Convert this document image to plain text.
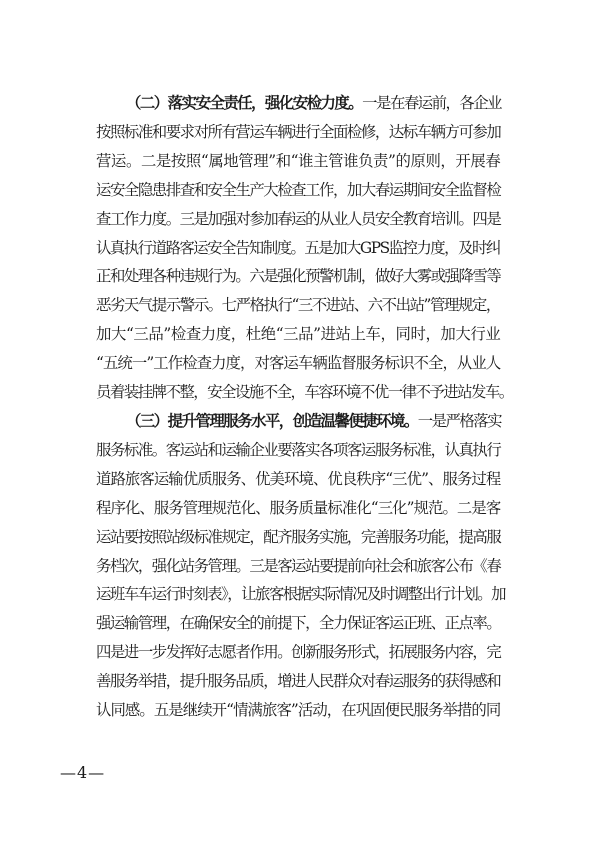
（二）落实安全责任，强化安检力度。一是在春运前，各企业
按照标准和要求对所有营运车辆进行全面检修，达标车辆方可参加
营运。二是按照“属地管理”和“谁主管谁负责”的原则，开展春
运安全隐患排查和安全生产大检查工作，加大春运期间安全监督检
查工作力度。三是加强对参加春运的从业人员安全教育培训。四是
认真执行道路客运安全告知制度。五是加大GPS监控力度，及时纠
正和处理各种违规行为。六是强化预警机制，做好大雾或强降雪等
恶劣天气提示警示。七严格执行“三不进站、六不出站”管理规定，
加大“三品”检查力度，杜绝“三品”进站上车，同时，加大行业
“五统一”工作检查力度，对客运车辆监督服务标识不全，从业人
员着装挂牌不整，安全设施不全，车容环境不优一律不予进站发车。

（三）提升管理服务水平，创造温馨便捷环境。一是严格落实
服务标准。客运站和运输企业要落实各项客运服务标准，认真执行
道路旅客运输优质服务、优美环境、优良秩序“三优”、服务过程
程序化、服务管理规范化、服务质量标准化“三化”规范。二是客
运站要按照站级标准规定，配齐服务实施，完善服务功能，提高服
务档次，强化站务管理。三是客运站要提前向社会和旅客公布《春
运班车车运行时刻表》，让旅客根据实际情况及时调整出行计划。加
强运输管理，在确保安全的前提下，全力保证客运正班、正点率。
四是进一步发挥好志愿者作用。创新服务形式，拓展服务内容，完
善服务举措，提升服务品质，增进人民群众对春运服务的获得感和
认同感。五是继续开“情满旅客”活动，在巩固便民服务举措的同

—4—
